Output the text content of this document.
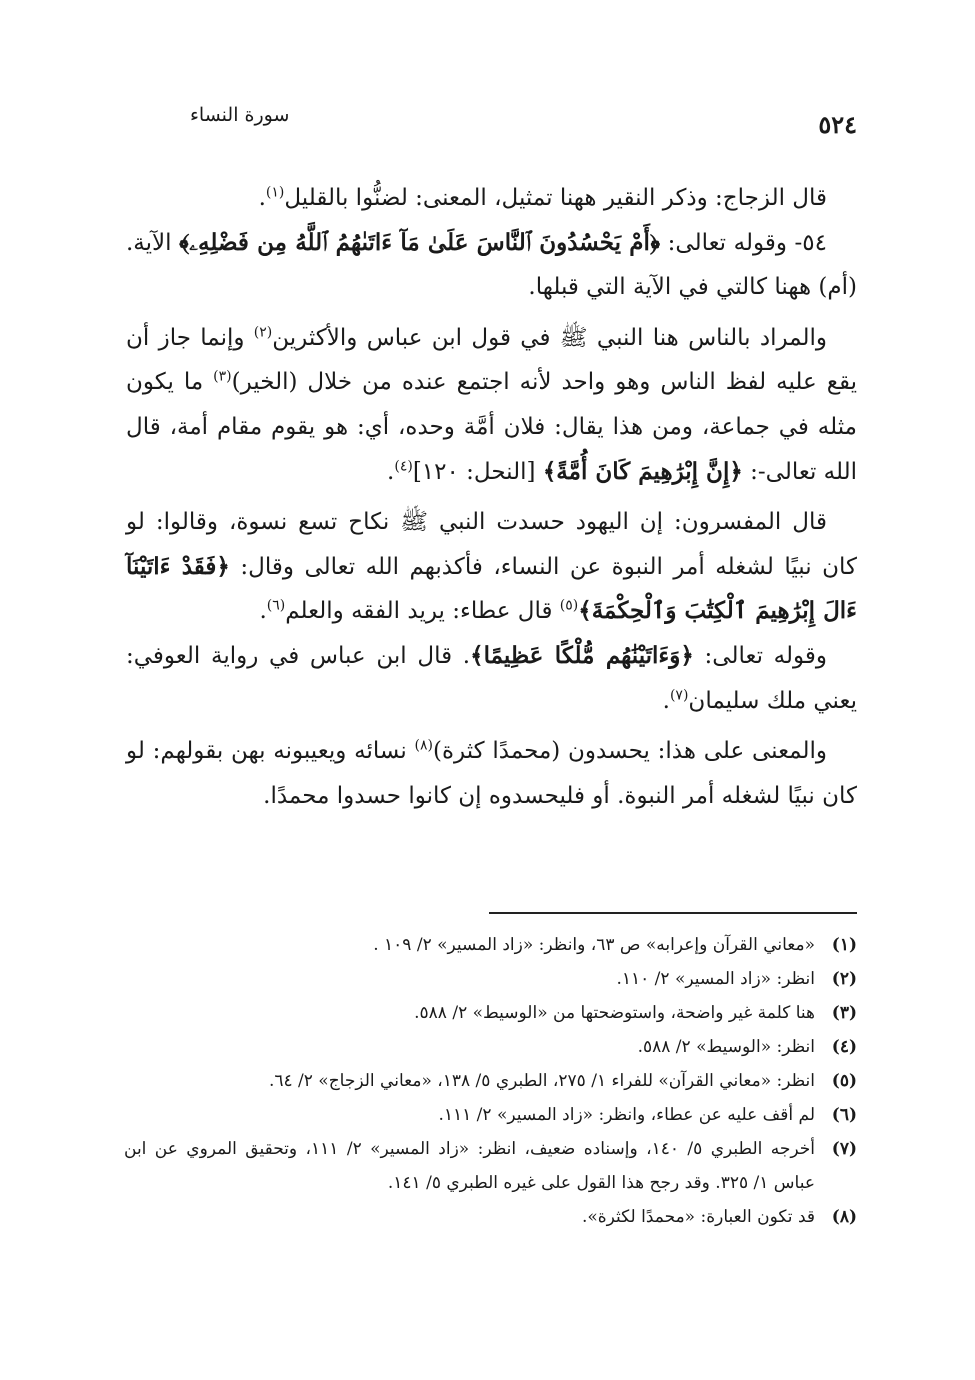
سورة النساء	٥٢٤

قال الزجاج: وذكر النقير ههنا تمثيل، المعنى: لضنُّوا بالقليل$^{(١)}$.

٥٤- وقوله تعالى: ﴿أَمْ يَحْسُدُونَ ٱلنَّاسَ عَلَىٰ مَآ ءَاتَىٰهُمُ ٱللَّهُ مِن فَضْلِهِۦ﴾ الآية. (أم) ههنا كالتي في الآية التي قبلها.

والمراد بالناس هنا النبي ﷺ في قول ابن عباس والأكثرين$^{(٢)}$ وإنما جاز أن يقع عليه لفظ الناس وهو واحد لأنه اجتمع عنده من خلال (الخير)$^{(٣)}$ ما يكون مثله في جماعة، ومن هذا يقال: فلان أمَّة وحده، أي: هو يقوم مقام أمة، قال الله تعالى-: ﴿إِنَّ إِبْرَٰهِيمَ كَانَ أُمَّةً﴾ [النحل: ١٢٠]$^{(٤)}$.

قال المفسرون: إن اليهود حسدت النبي ﷺ نكاح تسع نسوة، وقالوا: لو كان نبيًا لشغله أمر النبوة عن النساء، فأكذبهم الله تعالى وقال: ﴿فَقَدْ ءَاتَيْنَآ ءَالَ إِبْرَٰهِيمَ ٱلْكِتَٰبَ وَٱلْحِكْمَةَ﴾$^{(٥)}$ قال عطاء: يريد الفقه والعلم$^{(٦)}$.

وقوله تعالى: ﴿وَءَاتَيْنَٰهُم مُّلْكًا عَظِيمًا﴾. قال ابن عباس في رواية العوفي: يعني ملك سليمان$^{(٧)}$.

والمعنى على هذا: يحسدون (محمدًا كثرة)$^{(٨)}$ نسائه ويعيبونه بهن بقولهم: لو كان نبيًا لشغله أمر النبوة. أو فليحسدوه إن كانوا حسدوا محمدًا.

(١)
«معاني القرآن وإعرابه» ص ٦٣، وانظر: «زاد المسير» ٢/ ١٠٩ .
(٢)
انظر: «زاد المسير» ٢/ ١١٠.
(٣)
هنا كلمة غير واضحة، واستوضحتها من «الوسيط» ٢/ ٥٨٨.
(٤)
انظر: «الوسيط» ٢/ ٥٨٨.
(٥)
انظر: «معاني القرآن» للفراء ١/ ٢٧٥، الطبري ٥/ ١٣٨، «معاني الزجاج» ٢/ ٦٤.
(٦)
لم أقف عليه عن عطاء، وانظر: «زاد المسير» ٢/ ١١١.
(٧)
أخرجه الطبري ٥/ ١٤٠، وإسناده ضعيف، انظر: «زاد المسير» ٢/ ١١١، وتحقيق المروي عن ابن عباس ١/ ٣٢٥. وقد رجح هذا القول على غيره الطبري ٥/ ١٤١.
(٨)
قد تكون العبارة: «محمدًا لكثرة».
